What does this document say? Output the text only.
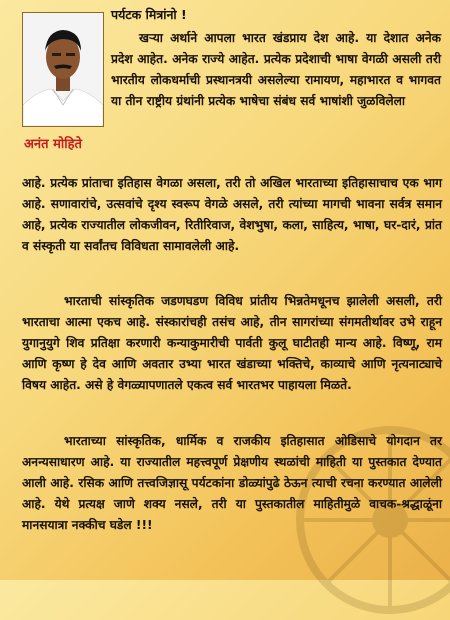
अनंत मोहिते
पर्यटक मित्रांनो !
खऱ्या अर्थाने आपला भारत खंडप्राय देश आहे. या देशात अनेक प्रदेश आहेत. अनेक राज्ये आहेत. प्रत्येक प्रदेशाची भाषा वेगळी असली तरी भारतीय लोकधर्माची प्रस्थानत्रयी असलेल्या रामायण, महाभारत व भागवत या तीन राष्ट्रीय ग्रंथांनी प्रत्येक भाषेचा संबंध सर्व भाषांशी जुळविलेला
आहे. प्रत्येक प्रांताचा इतिहास वेगळा असला, तरी तो अखिल भारताच्या इतिहासाचाच एक भाग आहे. सणावारांचे, उत्सवांचे दृश्य स्वरूप वेगळे असले, तरी त्यांच्या मागची भावना सर्वत्र समान आहे, प्रत्येक राज्यातील लोकजीवन, रितीरिवाज, वेशभुषा, कला, साहित्य, भाषा, घर-दारं, प्रांत व संस्कृती या सर्वांतच विविधता सामावलेली आहे.
भारताची सांस्कृतिक जडणघडण विविध प्रांतीय भिन्नतेमधूनच झालेली असली, तरी भारताचा आत्मा एकच आहे. संस्कारांचही तसंच आहे, तीन सागरांच्या संगमतीर्थावर उभे राहून युगानुयुगे शिव प्रतिक्षा करणारी कन्याकुमारीची पार्वती कुलू घाटीतही मान्य आहे. विष्णू, राम आणि कृष्ण हे देव आणि अवतार उभ्या भारत खंडाच्या भक्तिचे, काव्याचे आणि नृत्यनाट्याचे विषय आहेत. असे हे वेगळ्यापणातले एकत्व सर्व भारतभर पाहायला मिळते.
भारताच्या सांस्कृतिक, धार्मिक व राजकीय इतिहासात ओडिसाचे योगदान तर अनन्यसाधारण आहे. या राज्यातील महत्त्वपूर्ण प्रेक्षणीय स्थळांची माहिती या पुस्तकात देण्यात आली आहे. रसिक आणि तत्त्वजिज्ञासू पर्यटकांना डोळ्यांपुढे ठेऊन त्याची रचना करण्यात आलेली आहे. येथे प्रत्यक्ष जाणे शक्य नसले, तरी या पुस्तकातील माहितीमुळे वाचक-श्रद्धाळूंना मानसयात्रा नक्कीच घडेल !!!
